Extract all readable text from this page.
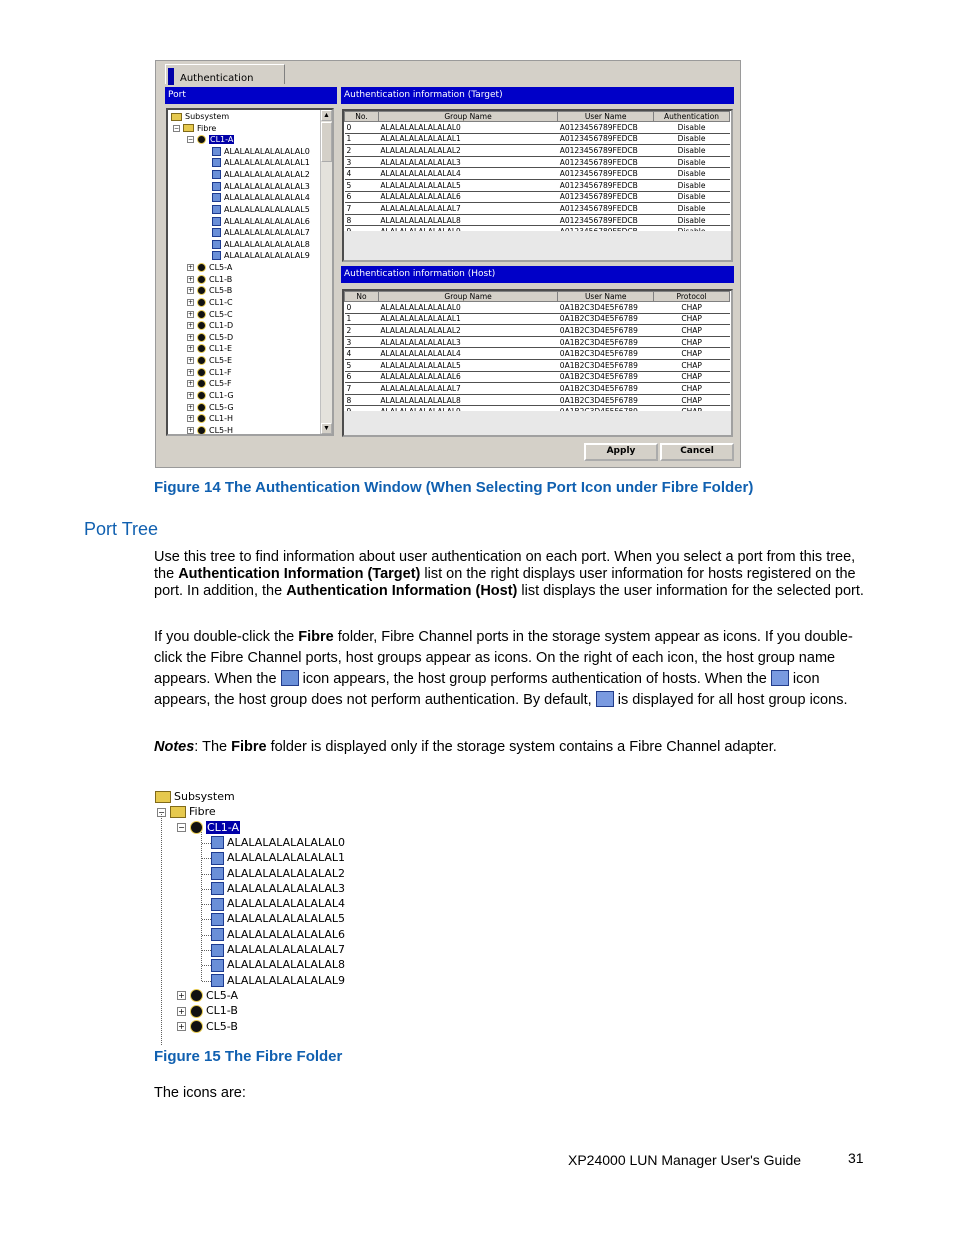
Authentication
Port	Authentication information (Target)
Authentication information (Host)
Subsystem
− Fibre
− CL1-A
ALALALALALALALAL0
ALALALALALALALAL1
ALALALALALALALAL2
ALALALALALALALAL3
ALALALALALALALAL4
ALALALALALALALAL5
ALALALALALALALAL6
ALALALALALALALAL7
ALALALALALALALAL8
ALALALALALALALAL9
+ CL5-A
+ CL1-B
+ CL5-B
+ CL1-C
+ CL5-C
+ CL1-D
+ CL5-D
+ CL1-E
+ CL5-E
+ CL1-F
+ CL5-F
+ CL1-G
+ CL5-G
+ CL1-H
+ CL5-H
▲
▼
No.	Group Name	User Name	Authentication
0	ALALALALALALALAL0	A0123456789FEDCB	Disable
1	ALALALALALALALAL1	A0123456789FEDCB	Disable
2	ALALALALALALALAL2	A0123456789FEDCB	Disable
3	ALALALALALALALAL3	A0123456789FEDCB	Disable
4	ALALALALALALALAL4	A0123456789FEDCB	Disable
5	ALALALALALALALAL5	A0123456789FEDCB	Disable
6	ALALALALALALALAL6	A0123456789FEDCB	Disable
7	ALALALALALALALAL7	A0123456789FEDCB	Disable
8	ALALALALALALALAL8	A0123456789FEDCB	Disable

No	Group Name	User Name	Protocol
0	ALALALALALALALAL0	0A1B2C3D4E5F6789	CHAP
1	ALALALALALALALAL1	0A1B2C3D4E5F6789	CHAP
2	ALALALALALALALAL2	0A1B2C3D4E5F6789	CHAP
3	ALALALALALALALAL3	0A1B2C3D4E5F6789	CHAP
4	ALALALALALALALAL4	0A1B2C3D4E5F6789	CHAP
5	ALALALALALALALAL5	0A1B2C3D4E5F6789	CHAP
6	ALALALALALALALAL6	0A1B2C3D4E5F6789	CHAP
7	ALALALALALALALAL7	0A1B2C3D4E5F6789	CHAP
8	ALALALALALALALAL8	0A1B2C3D4E5F6789	CHAP

Apply	Cancel
Figure 14 The Authentication Window (When Selecting Port Icon under Fibre Folder)
Port Tree
Use this tree to find information about user authentication on each port. When you select a port from this tree, the Authentication Information (Target) list on the right displays user information for hosts registered on the port. In addition, the Authentication Information (Host) list displays the user information for the selected port.
If you double-click the Fibre folder, Fibre Channel ports in the storage system appear as icons. If you double-click the Fibre Channel ports, host groups appear as icons. On the right of each icon, the host group name appears. When the  icon appears, the host group performs authentication of hosts. When the  icon appears, the host group does not perform authentication. By default,  is displayed for all host group icons.
Notes: The Fibre folder is displayed only if the storage system contains a Fibre Channel adapter.
Subsystem
− Fibre
− CL1-A
ALALALALALALALAL0
ALALALALALALALAL1
ALALALALALALALAL2
ALALALALALALALAL3
ALALALALALALALAL4
ALALALALALALALAL5
ALALALALALALALAL6
ALALALALALALALAL7
ALALALALALALALAL8
ALALALALALALALAL9
+ CL5-A
+ CL1-B
+ CL5-B
Figure 15 The Fibre Folder
The icons are:
XP24000 LUN Manager User's Guide	31
